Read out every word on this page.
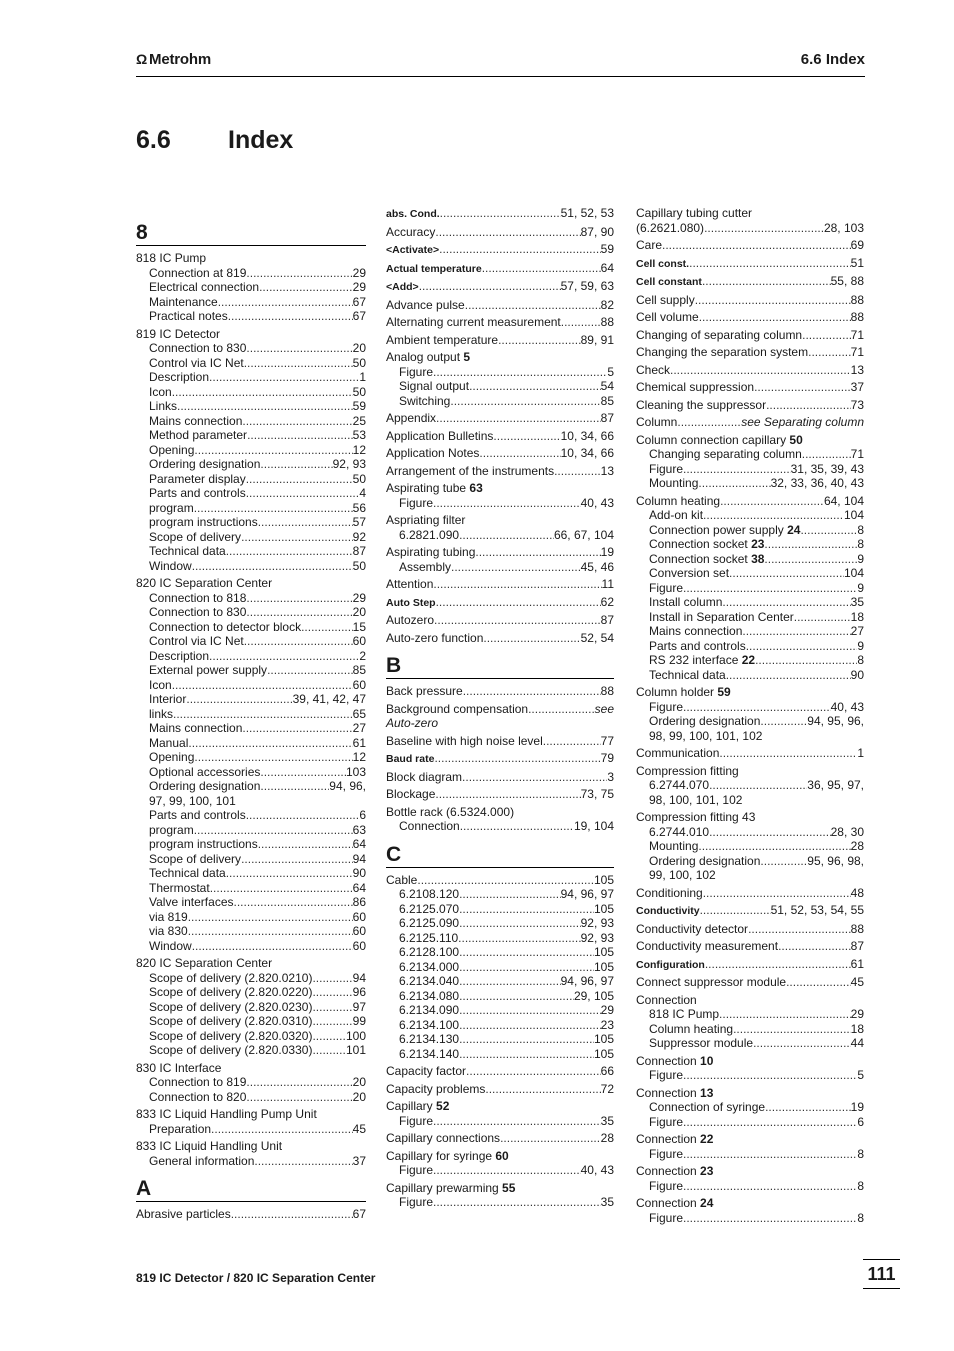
Ω Metrohm	6.6 Index
6.6 Index
8
818 IC Pump
Connection at 819 .....	29
Electrical connection .....	29
Maintenance .....	67
Practical notes .....	67
819 IC Detector
Connection to 830 .....	20
Control via IC Net .....	50
Description .....	1
Icon .....	50
Links .....	59
Mains connection .....	25
Method parameter .....	53
Opening .....	12
Ordering designation .....	92, 93
Parameter display .....	50
Parts and controls .....	4
program .....	56
program instructions .....	57
Scope of delivery .....	92
Technical data .....	87
Window .....	50
820 IC Separation Center
Connection to 818 .....	29
Connection to 830 .....	20
Connection to detector block .....	15
Control via IC Net .....	60
Description .....	2
External power supply .....	85
Icon .....	60
Interior .....	39, 41, 42, 47
links .....	65
Mains connection .....	27
Manual .....	61
Opening .....	12
Optional accessories .....	103
Ordering designation .....	94, 96,
97, 99, 100, 101
Parts and controls .....	6
program .....	63
program instructions .....	64
Scope of delivery .....	94
Technical data .....	90
Thermostat .....	64
Valve interfaces .....	86
via 819 .....	60
via 830 .....	60
Window .....	60
820 IC Separation Center
Scope of delivery (2.820.0210) .....	94
Scope of delivery (2.820.0220) .....	96
Scope of delivery (2.820.0230) .....	97
Scope of delivery (2.820.0310) .....	99
Scope of delivery (2.820.0320) .....	100
Scope of delivery (2.820.0330) .....	101
830 IC Interface
Connection to 819 .....	20
Connection to 820 .....	20
833 IC Liquid Handling Pump Unit
Preparation .....	45
833 IC Liquid Handling Unit
General information .....	37
A
Abrasive particles .....	67
abs. Cond. .....	51, 52, 53
Accuracy .....	87, 90
<Activate> .....	59
Actual temperature .....	64
<Add> .....	57, 59, 63
Advance pulse .....	82
Alternating current measurement .....	88
Ambient temperature .....	89, 91
Analog output 5
Figure .....	5
Signal output .....	54
Switching .....	85
Appendix .....	87
Application Bulletins .....	10, 34, 66
Application Notes .....	10, 34, 66
Arrangement of the instruments .....	13
Aspirating tube 63
Figure .....	40, 43
Aspriating filter
6.2821.090 .....	66, 67, 104
Aspirating tubing .....	19
Assembly .....	45, 46
Attention .....	11
Auto Step .....	62
Autozero .....	87
Auto-zero function .....	52, 54
B
Back pressure .....	88
Background compensation .....	see
Auto-zero
Baseline with high noise level .....	77
Baud rate .....	79
Block diagram .....	3
Blockage .....	73, 75
Bottle rack (6.5324.000)
Connection .....	19, 104
C
Cable .....	105
6.2108.120 .....	94, 96, 97
6.2125.070 .....	105
6.2125.090 .....	92, 93
6.2125.110 .....	92, 93
6.2128.100 .....	105
6.2134.000 .....	105
6.2134.040 .....	94, 96, 97
6.2134.080 .....	29, 105
6.2134.090 .....	29
6.2134.100 .....	23
6.2134.130 .....	105
6.2134.140 .....	105
Capacity factor .....	66
Capacity problems .....	72
Capillary 52
Figure .....	35
Capillary connections .....	28
Capillary for syringe 60
Figure .....	40, 43
Capillary prewarming 55
Figure .....	35
Capillary tubing cutter
(6.2621.080) .....	28, 103
Care .....	69
Cell const. .....	51
Cell constant .....	55, 88
Cell supply .....	88
Cell volume .....	88
Changing of separating column .....	71
Changing the separation system .....	71
Check .....	13
Chemical suppression .....	37
Cleaning the suppressor .....	73
Column .....	see Separating column
Column connection capillary 50
Changing separating column .....	71
Figure .....	31, 35, 39, 43
Mounting .....	32, 33, 36, 40, 43
Column heating .....	64, 104
Add-on kit .....	104
Connection power supply 24 .....	8
Connection socket 23 .....	8
Connection socket 38 .....	9
Conversion set .....	104
Figure .....	9
Install column .....	35
Install in Separation Center .....	18
Mains connection .....	27
Parts and controls .....	9
RS 232 interface 22 .....	8
Technical data .....	90
Column holder 59
Figure .....	40, 43
Ordering designation .....	94, 95, 96,
98, 99, 100, 101, 102
Communication .....	1
Compression fitting
6.2744.070 .....	36, 95, 97,
98, 100, 101, 102
Compression fitting 43
6.2744.010 .....	28, 30
Mounting .....	28
Ordering designation .....	95, 96, 98,
99, 100, 102
Conditioning .....	48
Conductivity .....	51, 52, 53, 54, 55
Conductivity detector .....	88
Conductivity measurement .....	87
Configuration .....	61
Connect suppressor module .....	45
Connection
818 IC Pump .....	29
Column heating .....	18
Suppressor module .....	44
Connection 10
Figure .....	5
Connection 13
Connection of syringe .....	19
Figure .....	6
Connection 22
Figure .....	8
Connection 23
Figure .....	8
Connection 24
Figure .....	8
819 IC Detector / 820 IC Separation Center	111
